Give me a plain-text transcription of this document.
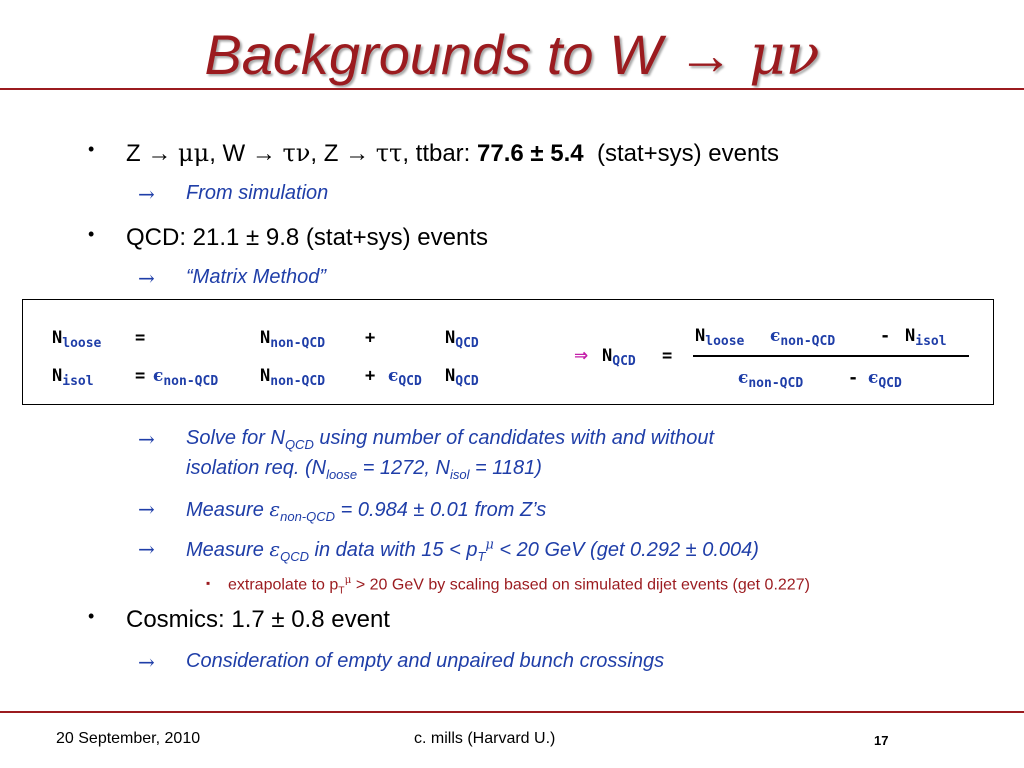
Backgrounds to W → μν
• Z → μμ, W → τν, Z → ττ, ttbar: 77.6 ± 5.4  (stat+sys) events
→ From simulation
• QCD: 21.1 ± 9.8 (stat+sys) events
→ “Matrix Method”
$N_{loose}$ =	$N_{non-QCD}$ +	$N_{QCD}$
$N_{isol} = \epsilon_{non-QCD}$ $N_{non-QCD} + \epsilon_{QCD}$ $N_{QCD}$
⇒ $N_{QCD}$ =
$N_{loose}$ $\epsilon_{non-QCD}$	- $N_{isol}$
$\epsilon_{non-QCD}$	- $\epsilon_{QCD}$
→ Solve for $N_{QCD}$ using number of candidates with and without
isolation req. ($N_{loose} = 1272$, $N_{isol} = 1181$)
→ Measure $\varepsilon_{non-QCD} = 0.984 \pm 0.01$ from Z’s
→ Measure $\varepsilon_{QCD}$ in data with $15 < p_T^\mu < 20$ GeV (get 0.292 ± 0.004)
▪ extrapolate to $p_T^\mu > 20$ GeV by scaling based on simulated dijet events (get 0.227)
• Cosmics: 1.7 ± 0.8 event
→ Consideration of empty and unpaired bunch crossings
20 September, 2010	c. mills (Harvard U.)	17
